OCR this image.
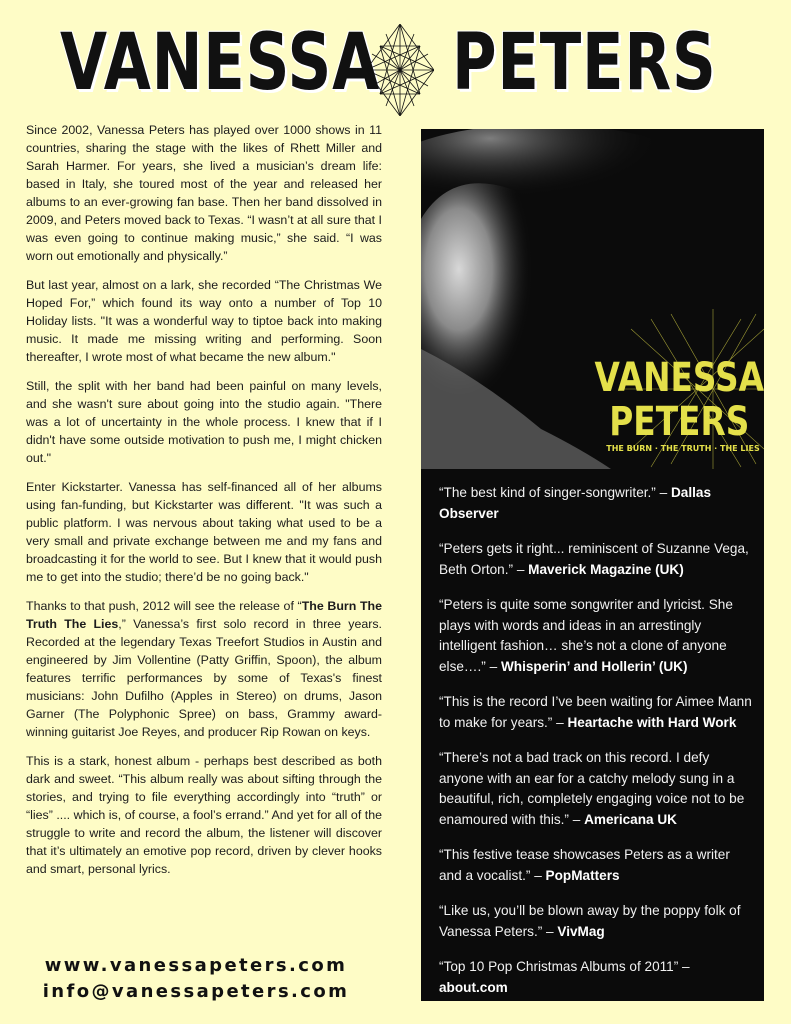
VANESSA PETERS

Since 2002, Vanessa Peters has played over 1000 shows in 11 countries, sharing the stage with the likes of Rhett Miller and Sarah Harmer. For years, she lived a musician’s dream life: based in Italy, she toured most of the year and released her albums to an ever-growing fan base. Then her band dissolved in 2009, and Peters moved back to Texas. “I wasn’t at all sure that I was even going to continue making music,” she said. “I was worn out emotionally and physically.”

But last year, almost on a lark, she recorded “The Christmas We Hoped For,” which found its way onto a number of Top 10 Holiday lists. "It was a wonderful way to tiptoe back into making music. It made me missing writing and performing. Soon thereafter, I wrote most of what became the new album."

Still, the split with her band had been painful on many levels, and she wasn't sure about going into the studio again. "There was a lot of uncertainty in the whole process. I knew that if I didn't have some outside motivation to push me, I might chicken out."

Enter Kickstarter. Vanessa has self-financed all of her albums using fan-funding, but Kickstarter was different. "It was such a public platform. I was nervous about taking what used to be a very small and private exchange between me and my fans and broadcasting it for the world to see. But I knew that it would push me to get into the studio; there’d be no going back."

Thanks to that push, 2012 will see the release of “The Burn The Truth The Lies,” Vanessa’s first solo record in three years. Recorded at the legendary Texas Treefort Studios in Austin and engineered by Jim Vollentine (Patty Griffin, Spoon), the album features terrific performances by some of Texas's finest musicians: John Dufilho (Apples in Stereo) on drums, Jason Garner (The Polyphonic Spree) on bass, Grammy award-winning guitarist Joe Reyes, and producer Rip Rowan on keys.

This is a stark, honest album - perhaps best described as both dark and sweet. “This album really was about sifting through the stories, and trying to file everything accordingly into “truth” or “lies” .... which is, of course, a fool’s errand.” And yet for all of the struggle to write and record the album, the listener will discover that it’s ultimately an emotive pop record, driven by clever hooks and smart, personal lyrics.

www.vanessapeters.com
info@vanessapeters.com
VANESSA
PETERS
THE BURN · THE TRUTH · THE LIES
“The best kind of singer-songwriter.” – Dallas Observer
“Peters gets it right... reminiscent of Suzanne Vega, Beth Orton.” – Maverick Magazine (UK)
“Peters is quite some songwriter and lyricist. She plays with words and ideas in an arrestingly intelligent fashion… she’s not a clone of anyone else….” – Whisperin’ and Hollerin’ (UK)
“This is the record I’ve been waiting for Aimee Mann to make for years.” – Heartache with Hard Work
“There’s not a bad track on this record. I defy anyone with an ear for a catchy melody sung in a beautiful, rich, completely engaging voice not to be enamoured with this.” – Americana UK
“This festive tease showcases Peters as a writer and a vocalist.” – PopMatters
“Like us, you’ll be blown away by the poppy folk of Vanessa Peters.” – VivMag
“Top 10 Pop Christmas Albums of 2011” – about.com
